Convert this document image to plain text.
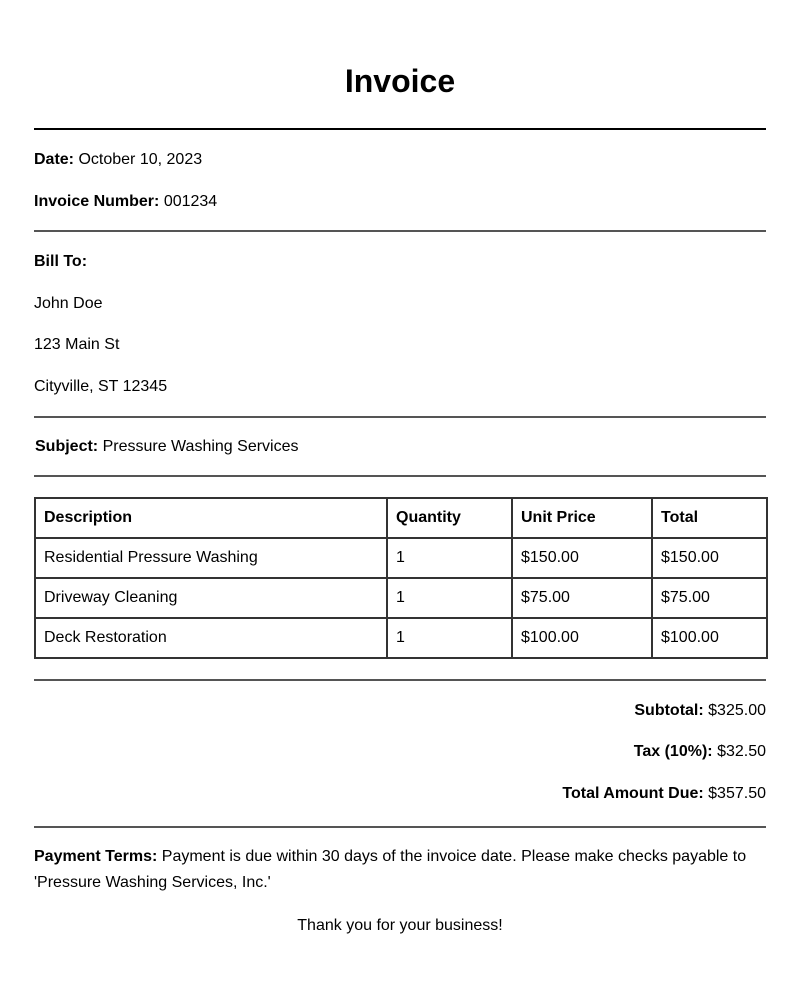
Invoice
Date: October 10, 2023
Invoice Number: 001234
Bill To:
John Doe
123 Main St
Cityville, ST 12345
Subject: Pressure Washing Services
Description	Quantity	Unit Price	Total
Residential Pressure Washing	1	$150.00	$150.00
Driveway Cleaning	1	$75.00	$75.00
Deck Restoration	1	$100.00	$100.00
Subtotal: $325.00
Tax (10%): $32.50
Total Amount Due: $357.50
Payment Terms: Payment is due within 30 days of the invoice date. Please make checks payable to 'Pressure Washing Services, Inc.'
Thank you for your business!
